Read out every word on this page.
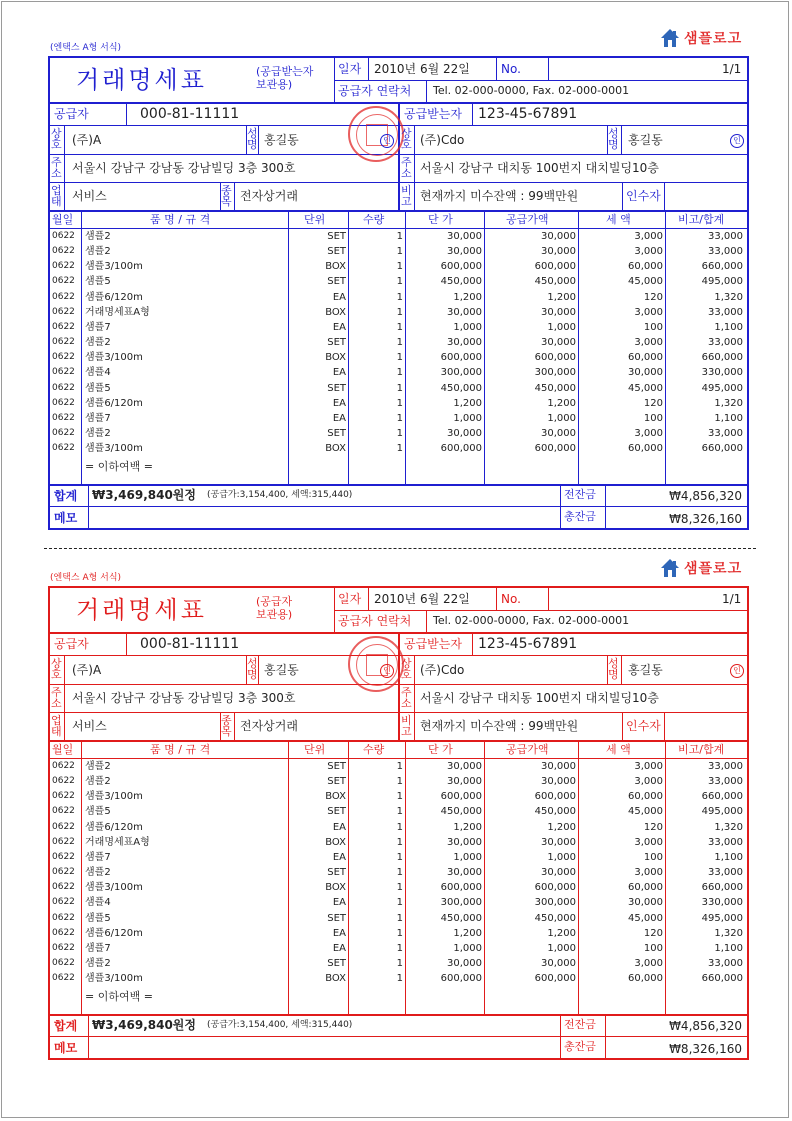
(엔택스 A형 서식)
샘플로고
거래명세표	(공급받는자
보관용)
일자 2010년 6월 22일	No.	1/1
공급자 연락처 Tel. 02-000-0000, Fax. 02-000-0001
공급자	000-81-11111	공급받는자 123-45-67891
상
호 (주)A	성
명 홍길동	인
상
호 (주)Cdo	성
명 홍길동	인
주
소 서울시 강남구 강남동 강남빌딩 3층 300호	주
소 서울시 강남구 대치동 100번지 대치빌딩10층
업
태 서비스	종
목 전자상거래	비
고 현재까지 미수잔액 : 99백만원	인수자
월일	품 명 / 규 격	단위	수량	단 가	공급가액	세 액	비고/합계
0622 샘플2	SET	1	30,000	30,000	3,000	33,000
0622 샘플2	SET	1	30,000	30,000	3,000	33,000
0622 샘플3/100m	BOX	1	600,000	600,000	60,000	660,000
0622 샘플5	SET	1	450,000	450,000	45,000	495,000
0622 샘플6/120m	EA	1	1,200	1,200	120	1,320
0622 거래명세표A형	BOX	1	30,000	30,000	3,000	33,000
0622 샘플7	EA	1	1,000	1,000	100	1,100
0622 샘플2	SET	1	30,000	30,000	3,000	33,000
0622 샘플3/100m	BOX	1	600,000	600,000	60,000	660,000
0622 샘플4	EA	1	300,000	300,000	30,000	330,000
0622 샘플5	SET	1	450,000	450,000	45,000	495,000
0622 샘플6/120m	EA	1	1,200	1,200	120	1,320
0622 샘플7	EA	1	1,000	1,000	100	1,100
0622 샘플2	SET	1	30,000	30,000	3,000	33,000
0622 샘플3/100m	BOX	1	600,000	600,000	60,000	660,000
= 이하여백 =
합계 ₩3,469,840원정 (공급가:3,154,400, 세액:315,440)	전잔금	₩4,856,320
메모	총잔금	₩8,326,160
(엔택스 A형 서식)
샘플로고
거래명세표	(공급자
보관용)
일자 2010년 6월 22일	No.	1/1
공급자 연락처 Tel. 02-000-0000, Fax. 02-000-0001
공급자	000-81-11111	공급받는자 123-45-67891
상
호 (주)A	성
명 홍길동	인
상
호 (주)Cdo	성
명 홍길동	인
주
소 서울시 강남구 강남동 강남빌딩 3층 300호	주
소 서울시 강남구 대치동 100번지 대치빌딩10층
업
태 서비스	종
목 전자상거래	비
고 현재까지 미수잔액 : 99백만원	인수자
월일	품 명 / 규 격	단위	수량	단 가	공급가액	세 액	비고/합계
0622 샘플2	SET	1	30,000	30,000	3,000	33,000
0622 샘플2	SET	1	30,000	30,000	3,000	33,000
0622 샘플3/100m	BOX	1	600,000	600,000	60,000	660,000
0622 샘플5	SET	1	450,000	450,000	45,000	495,000
0622 샘플6/120m	EA	1	1,200	1,200	120	1,320
0622 거래명세표A형	BOX	1	30,000	30,000	3,000	33,000
0622 샘플7	EA	1	1,000	1,000	100	1,100
0622 샘플2	SET	1	30,000	30,000	3,000	33,000
0622 샘플3/100m	BOX	1	600,000	600,000	60,000	660,000
0622 샘플4	EA	1	300,000	300,000	30,000	330,000
0622 샘플5	SET	1	450,000	450,000	45,000	495,000
0622 샘플6/120m	EA	1	1,200	1,200	120	1,320
0622 샘플7	EA	1	1,000	1,000	100	1,100
0622 샘플2	SET	1	30,000	30,000	3,000	33,000
0622 샘플3/100m	BOX	1	600,000	600,000	60,000	660,000
= 이하여백 =
합계 ₩3,469,840원정 (공급가:3,154,400, 세액:315,440)	전잔금	₩4,856,320
메모	총잔금	₩8,326,160
